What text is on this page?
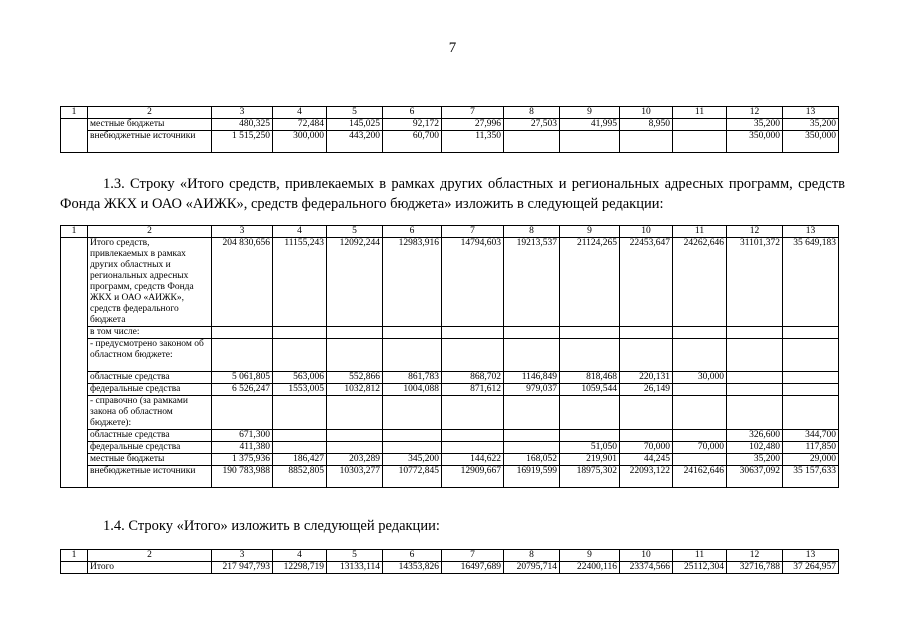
7
1	2	3	4	5	6	7	8	9	10	11	12	13
	местные бюджеты	480,325	72,484	145,025	92,172	27,996	27,503	41,995	8,950		35,200	35,200
	внебюджетные источники	1 515,250	300,000	443,200	60,700	11,350					350,000	350,000

1.3. Строку «Итого средств, привлекаемых в рамках других областных и региональных адресных программ, средств Фонда ЖКХ и ОАО «АИЖК», средств федерального бюджета» изложить в следующей редакции:

1	2	3	4	5	6	7	8	9	10	11	12	13
	Итого средств, привлекаемых в рамках других областных и региональных адресных программ, средств Фонда ЖКХ и ОАО «АИЖК», средств федерального бюджета	204 830,656	11155,243	12092,244	12983,916	14794,603	19213,537	21124,265	22453,647	24262,646	31101,372	35 649,183
	в том числе:											
	- предусмотрено законом об областном бюджете:											
	областные средства	5 061,805	563,006	552,866	861,783	868,702	1146,849	818,468	220,131	30,000		
	федеральные средства	6 526,247	1553,005	1032,812	1004,088	871,612	979,037	1059,544	26,149			
	- справочно (за рамками закона об областном бюджете):											
	областные средства	671,300									326,600	344,700
	федеральные средства	411,380						51,050	70,000	70,000	102,480	117,850
	местные бюджеты	1 375,936	186,427	203,289	345,200	144,622	168,052	219,901	44,245		35,200	29,000
	внебюджетные источники	190 783,988	8852,805	10303,277	10772,845	12909,667	16919,599	18975,302	22093,122	24162,646	30637,092	35 157,633

1.4. Строку «Итого» изложить в следующей редакции:

1	2	3	4	5	6	7	8	9	10	11	12	13
	Итого	217 947,793	12298,719	13133,114	14353,826	16497,689	20795,714	22400,116	23374,566	25112,304	32716,788	37 264,957
